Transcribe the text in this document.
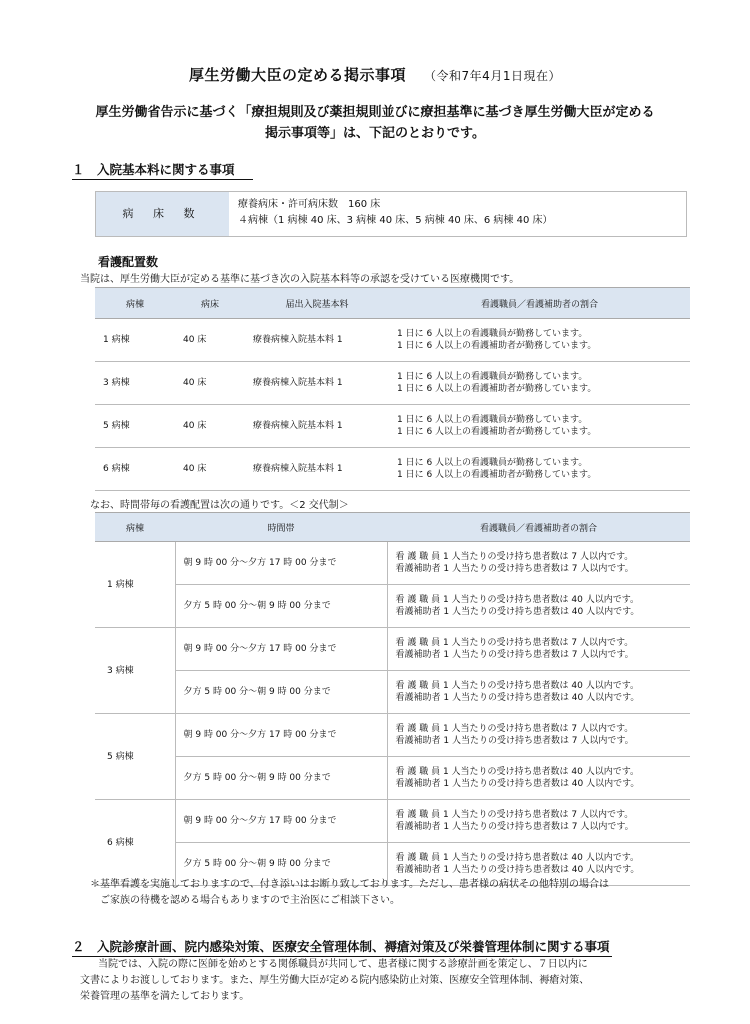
厚生労働大臣の定める掲示事項 （令和7年4月1日現在）
厚生労働省告示に基づく「療担規則及び薬担規則並びに療担基準に基づき厚生労働大臣が定める
掲示事項等」は、下記のとおりです。
１　入院基本料に関する事項
病 床 数
療養病床・許可病床数　160 床
４病棟（1 病棟 40 床、3 病棟 40 床、5 病棟 40 床、6 病棟 40 床）
看護配置数
当院は、厚生労働大臣が定める基準に基づき次の入院基本料等の承認を受けている医療機関です。
病棟	病床	届出入院基本料	看護職員／看護補助者の割合
1 病棟	40 床	療養病棟入院基本料 1	1 日に 6 人以上の看護職員が勤務しています。
1 日に 6 人以上の看護補助者が勤務しています。

3 病棟	40 床	療養病棟入院基本料 1	1 日に 6 人以上の看護職員が勤務しています。
1 日に 6 人以上の看護補助者が勤務しています。

5 病棟	40 床	療養病棟入院基本料 1	1 日に 6 人以上の看護職員が勤務しています。
1 日に 6 人以上の看護補助者が勤務しています。

6 病棟	40 床	療養病棟入院基本料 1	1 日に 6 人以上の看護職員が勤務しています。
1 日に 6 人以上の看護補助者が勤務しています。
なお、時間帯毎の看護配置は次の通りです。＜2 交代制＞
病棟	時間帯	看護職員／看護補助者の割合
1 病棟	朝 9 時 00 分～夕方 17 時 00 分まで	看 護 職 員 1 人当たりの受け持ち患者数は 7 人以内です。
看護補助者 1 人当たりの受け持ち患者数は 7 人以内です。

	夕方 5 時 00 分～朝 9 時 00 分まで	看 護 職 員 1 人当たりの受け持ち患者数は 40 人以内です。
看護補助者 1 人当たりの受け持ち患者数は 40 人以内です。

3 病棟	朝 9 時 00 分～夕方 17 時 00 分まで	看 護 職 員 1 人当たりの受け持ち患者数は 7 人以内です。
看護補助者 1 人当たりの受け持ち患者数は 7 人以内です。

	夕方 5 時 00 分～朝 9 時 00 分まで	看 護 職 員 1 人当たりの受け持ち患者数は 40 人以内です。
看護補助者 1 人当たりの受け持ち患者数は 40 人以内です。

5 病棟	朝 9 時 00 分～夕方 17 時 00 分まで	看 護 職 員 1 人当たりの受け持ち患者数は 7 人以内です。
看護補助者 1 人当たりの受け持ち患者数は 7 人以内です。

	夕方 5 時 00 分～朝 9 時 00 分まで	看 護 職 員 1 人当たりの受け持ち患者数は 40 人以内です。
看護補助者 1 人当たりの受け持ち患者数は 40 人以内です。

6 病棟	朝 9 時 00 分～夕方 17 時 00 分まで	看 護 職 員 1 人当たりの受け持ち患者数は 7 人以内です。
看護補助者 1 人当たりの受け持ち患者数は 7 人以内です。

	夕方 5 時 00 分～朝 9 時 00 分まで	看 護 職 員 1 人当たりの受け持ち患者数は 40 人以内です。
看護補助者 1 人当たりの受け持ち患者数は 40 人以内です。
＊基準看護を実施しておりますので、付き添いはお断り致しております。ただし、患者様の病状その他特別の場合は
ご家族の待機を認める場合もありますので主治医にご相談下さい。
２　入院診療計画、院内感染対策、医療安全管理体制、褥瘡対策及び栄養管理体制に関する事項
当院では、入院の際に医師を始めとする関係職員が共同して、患者様に関する診療計画を策定し、７日以内に
文書によりお渡ししております。また、厚生労働大臣が定める院内感染防止対策、医療安全管理体制、褥瘡対策、
栄養管理の基準を満たしております。
